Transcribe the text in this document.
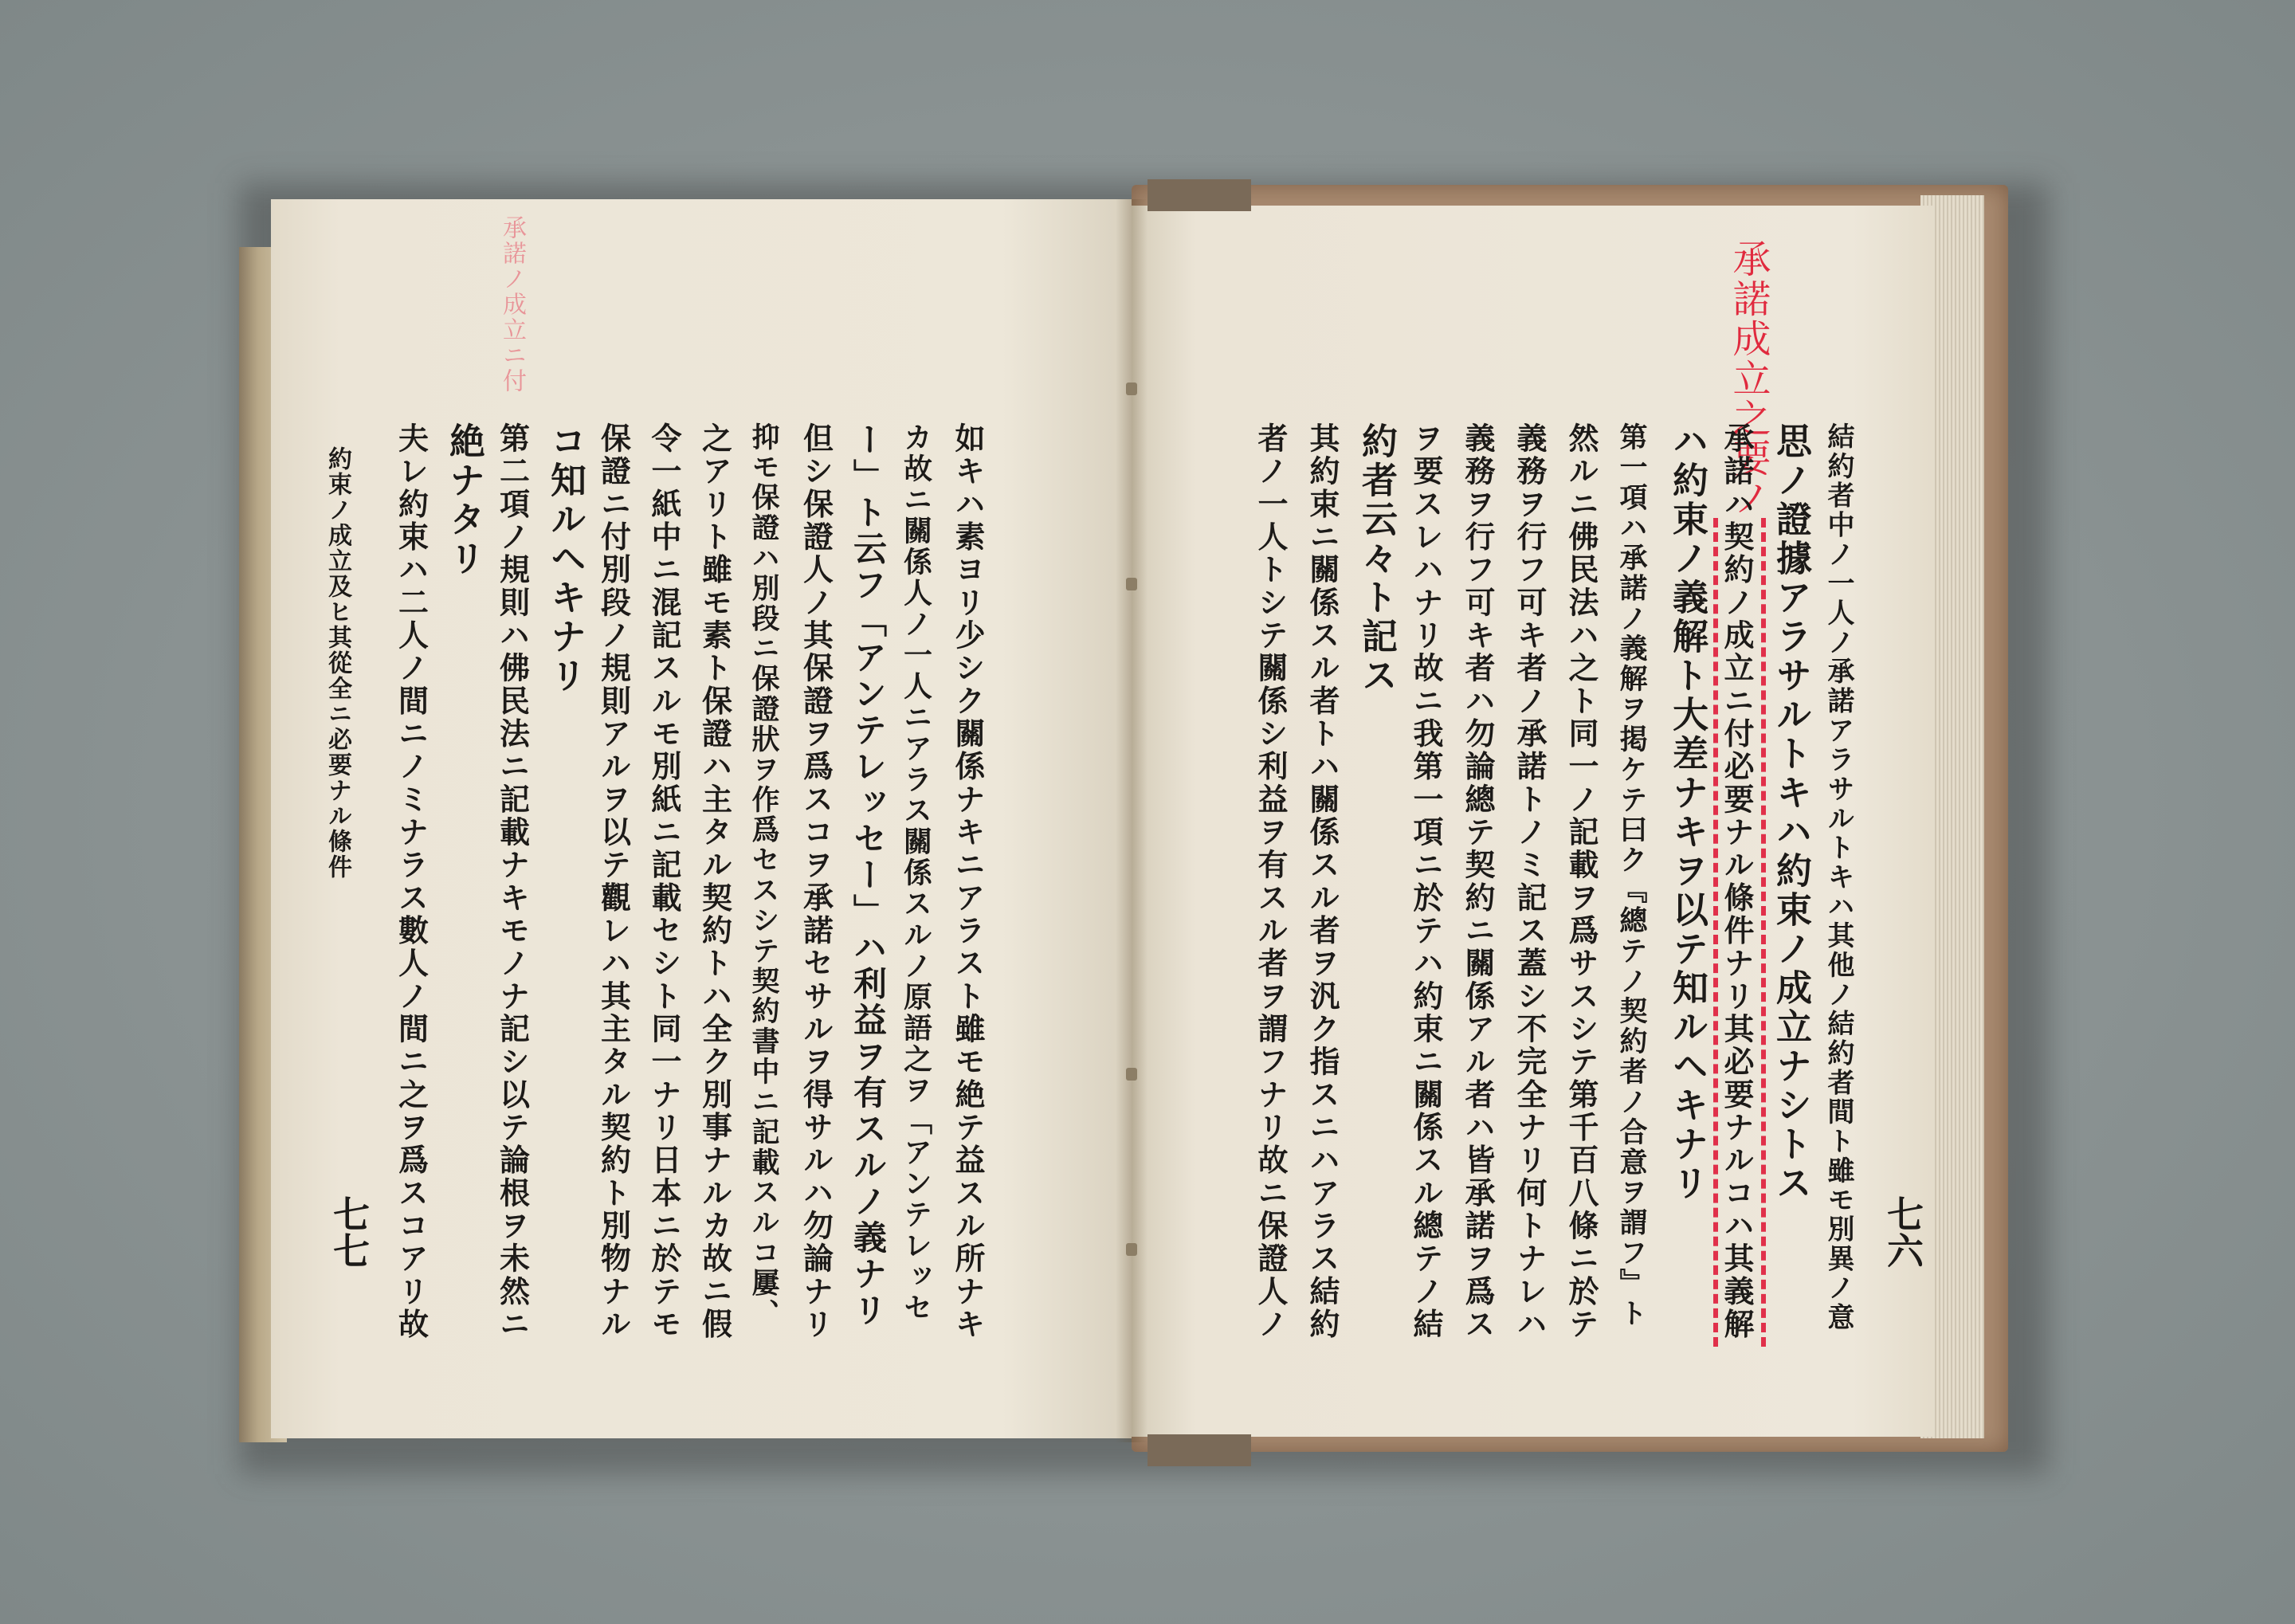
約束ノ成立及ヒ其從全ニ必要ナル條件
七七
承諾ノ成立ニ付
如キハ素ヨリ少シク關係ナキニアラスト雖モ絶テ益スル所ナキ
カ故ニ關係人ノ一人ニアラス關係スルノ原語之ヲ「アンテレッセ
ー」ト云フ「アンテレッセー」ハ利益ヲ有スルノ義ナリ
但シ保證人ノ其保證ヲ爲スコヲ承諾セサルヲ得サルハ勿論ナリ
抑モ保證ハ別段ニ保證狀ヲ作爲セスシテ契約書中ニ記載スルコ屢、
之アリト雖モ素ト保證ハ主タル契約トハ全ク別事ナルカ故ニ假
令一紙中ニ混記スルモ別紙ニ記載セシト同一ナリ日本ニ於テモ
保證ニ付別段ノ規則アルヲ以テ觀レハ其主タル契約ト別物ナル
コ知ルヘキナリ
第二項ノ規則ハ佛民法ニ記載ナキモノナ記シ以テ論根ヲ未然ニ
絶ナタリ
夫レ約束ハ二人ノ間ニノミナラス數人ノ間ニ之ヲ爲スコアリ故	七六
承諾成立之要ノ
結約者中ノ一人ノ承諾アラサルトキハ其他ノ結約者間ト雖モ別異ノ意
思ノ證據アラサルトキハ約束ノ成立ナシトス
承諾ハ契約ノ成立ニ付必要ナル條件ナリ其必要ナルコハ其義解
ハ約束ノ義解ト大差ナキヲ以テ知ルヘキナリ
第一項ハ承諾ノ義解ヲ掲ケテ曰ク『總テノ契約者ノ合意ヲ謂フ』ト
然ルニ佛民法ハ之ト同一ノ記載ヲ爲サスシテ第千百八條ニ於テ
義務ヲ行フ可キ者ノ承諾トノミ記ス蓋シ不完全ナリ何トナレハ
義務ヲ行フ可キ者ハ勿論總テ契約ニ關係アル者ハ皆承諾ヲ爲ス
ヲ要スレハナリ故ニ我第一項ニ於テハ約束ニ關係スル總テノ結
約者云々ト記ス
其約束ニ關係スル者トハ關係スル者ヲ汎ク指スニハアラス結約
者ノ一人トシテ關係シ利益ヲ有スル者ヲ謂フナリ故ニ保證人ノ
